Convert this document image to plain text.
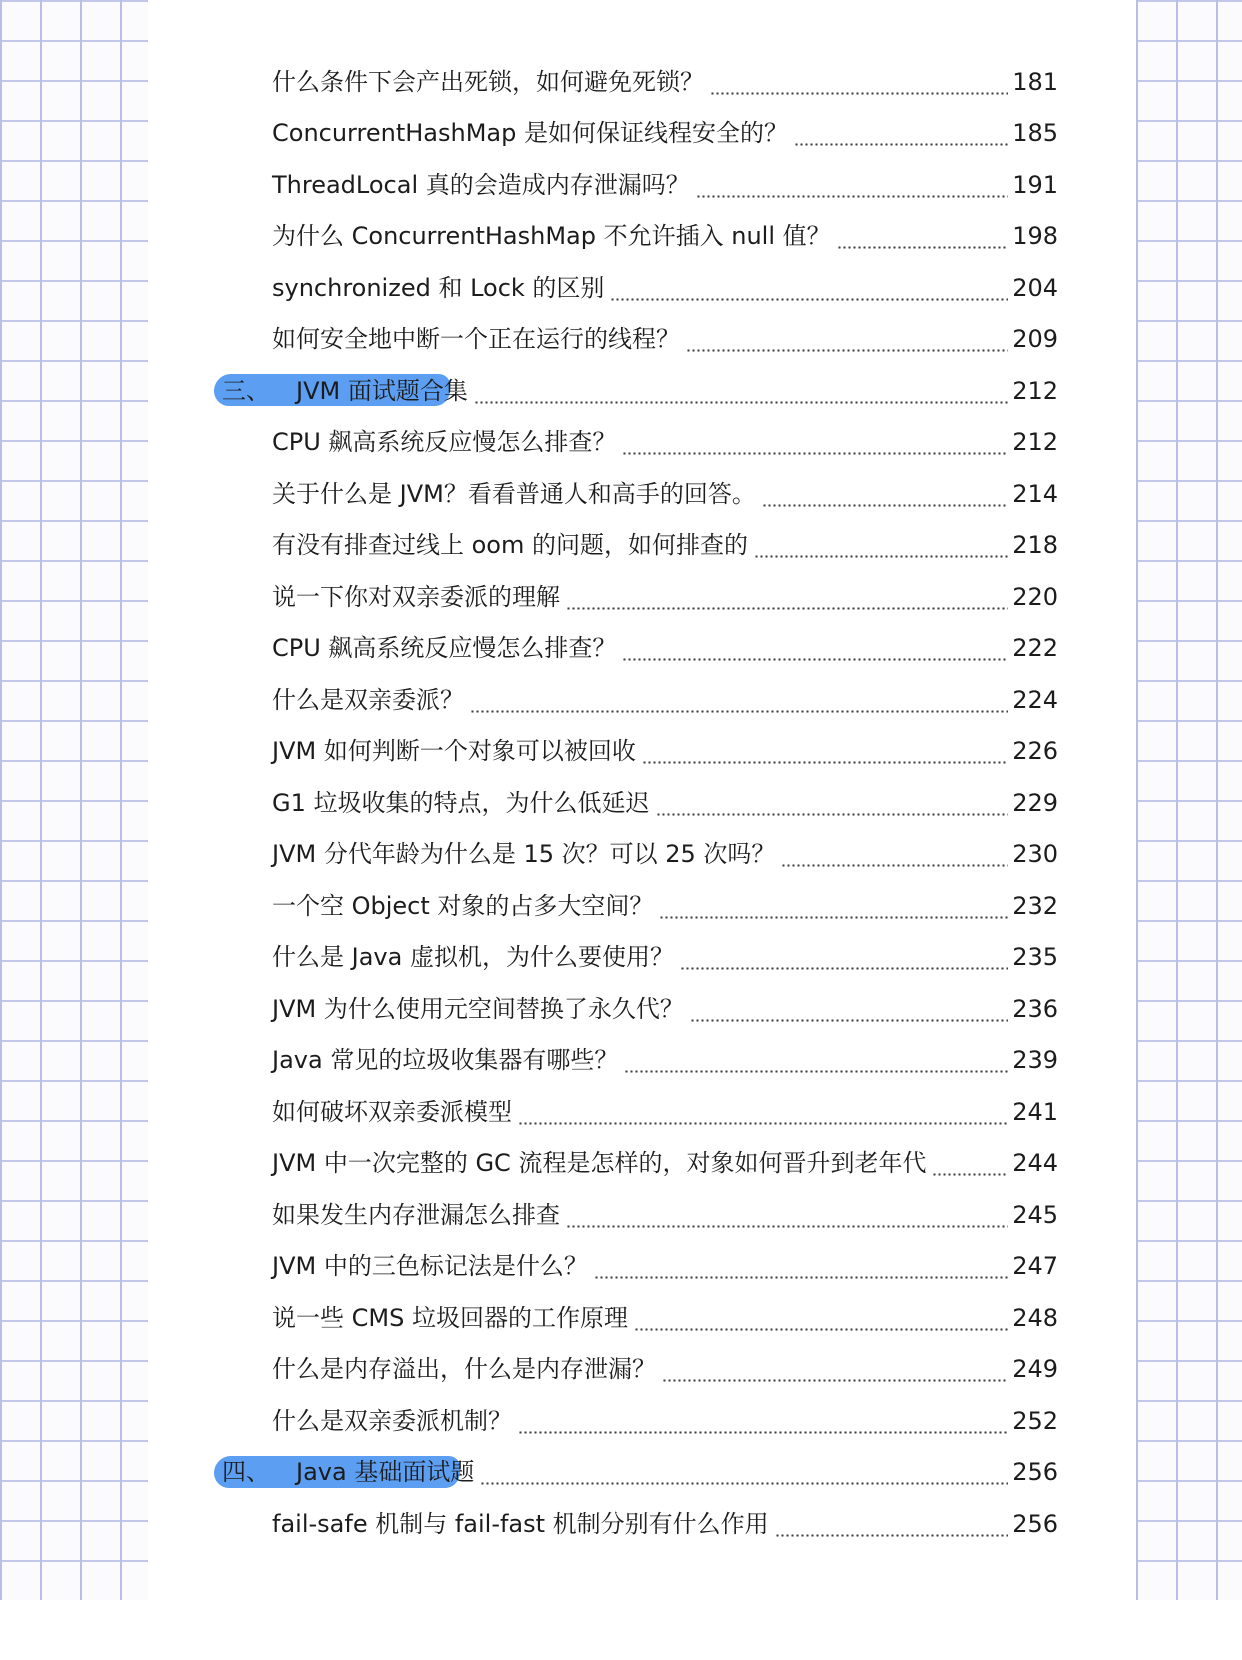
什么条件下会产出死锁，如何避免死锁？	181
ConcurrentHashMap 是如何保证线程安全的？	185
ThreadLocal 真的会造成内存泄漏吗？	191
为什么 ConcurrentHashMap 不允许插入 null 值？	198
synchronized 和 Lock 的区别	204
如何安全地中断一个正在运行的线程？	209
三、 JVM 面试题合集	212
CPU 飙高系统反应慢怎么排查？	212
关于什么是 JVM？看看普通人和高手的回答。	214
有没有排查过线上 oom 的问题，如何排查的	218
说一下你对双亲委派的理解	220
CPU 飙高系统反应慢怎么排查？	222
什么是双亲委派？	224
JVM 如何判断一个对象可以被回收	226
G1 垃圾收集的特点，为什么低延迟	229
JVM 分代年龄为什么是 15 次？可以 25 次吗？	230
一个空 Object 对象的占多大空间？	232
什么是 Java 虚拟机，为什么要使用？	235
JVM 为什么使用元空间替换了永久代？	236
Java 常见的垃圾收集器有哪些？	239
如何破坏双亲委派模型	241
JVM 中一次完整的 GC 流程是怎样的，对象如何晋升到老年代	244
如果发生内存泄漏怎么排查	245
JVM 中的三色标记法是什么？	247
说一些 CMS 垃圾回器的工作原理	248
什么是内存溢出，什么是内存泄漏？	249
什么是双亲委派机制？	252
四、 Java 基础面试题	256
fail-safe 机制与 fail-fast 机制分别有什么作用	256
